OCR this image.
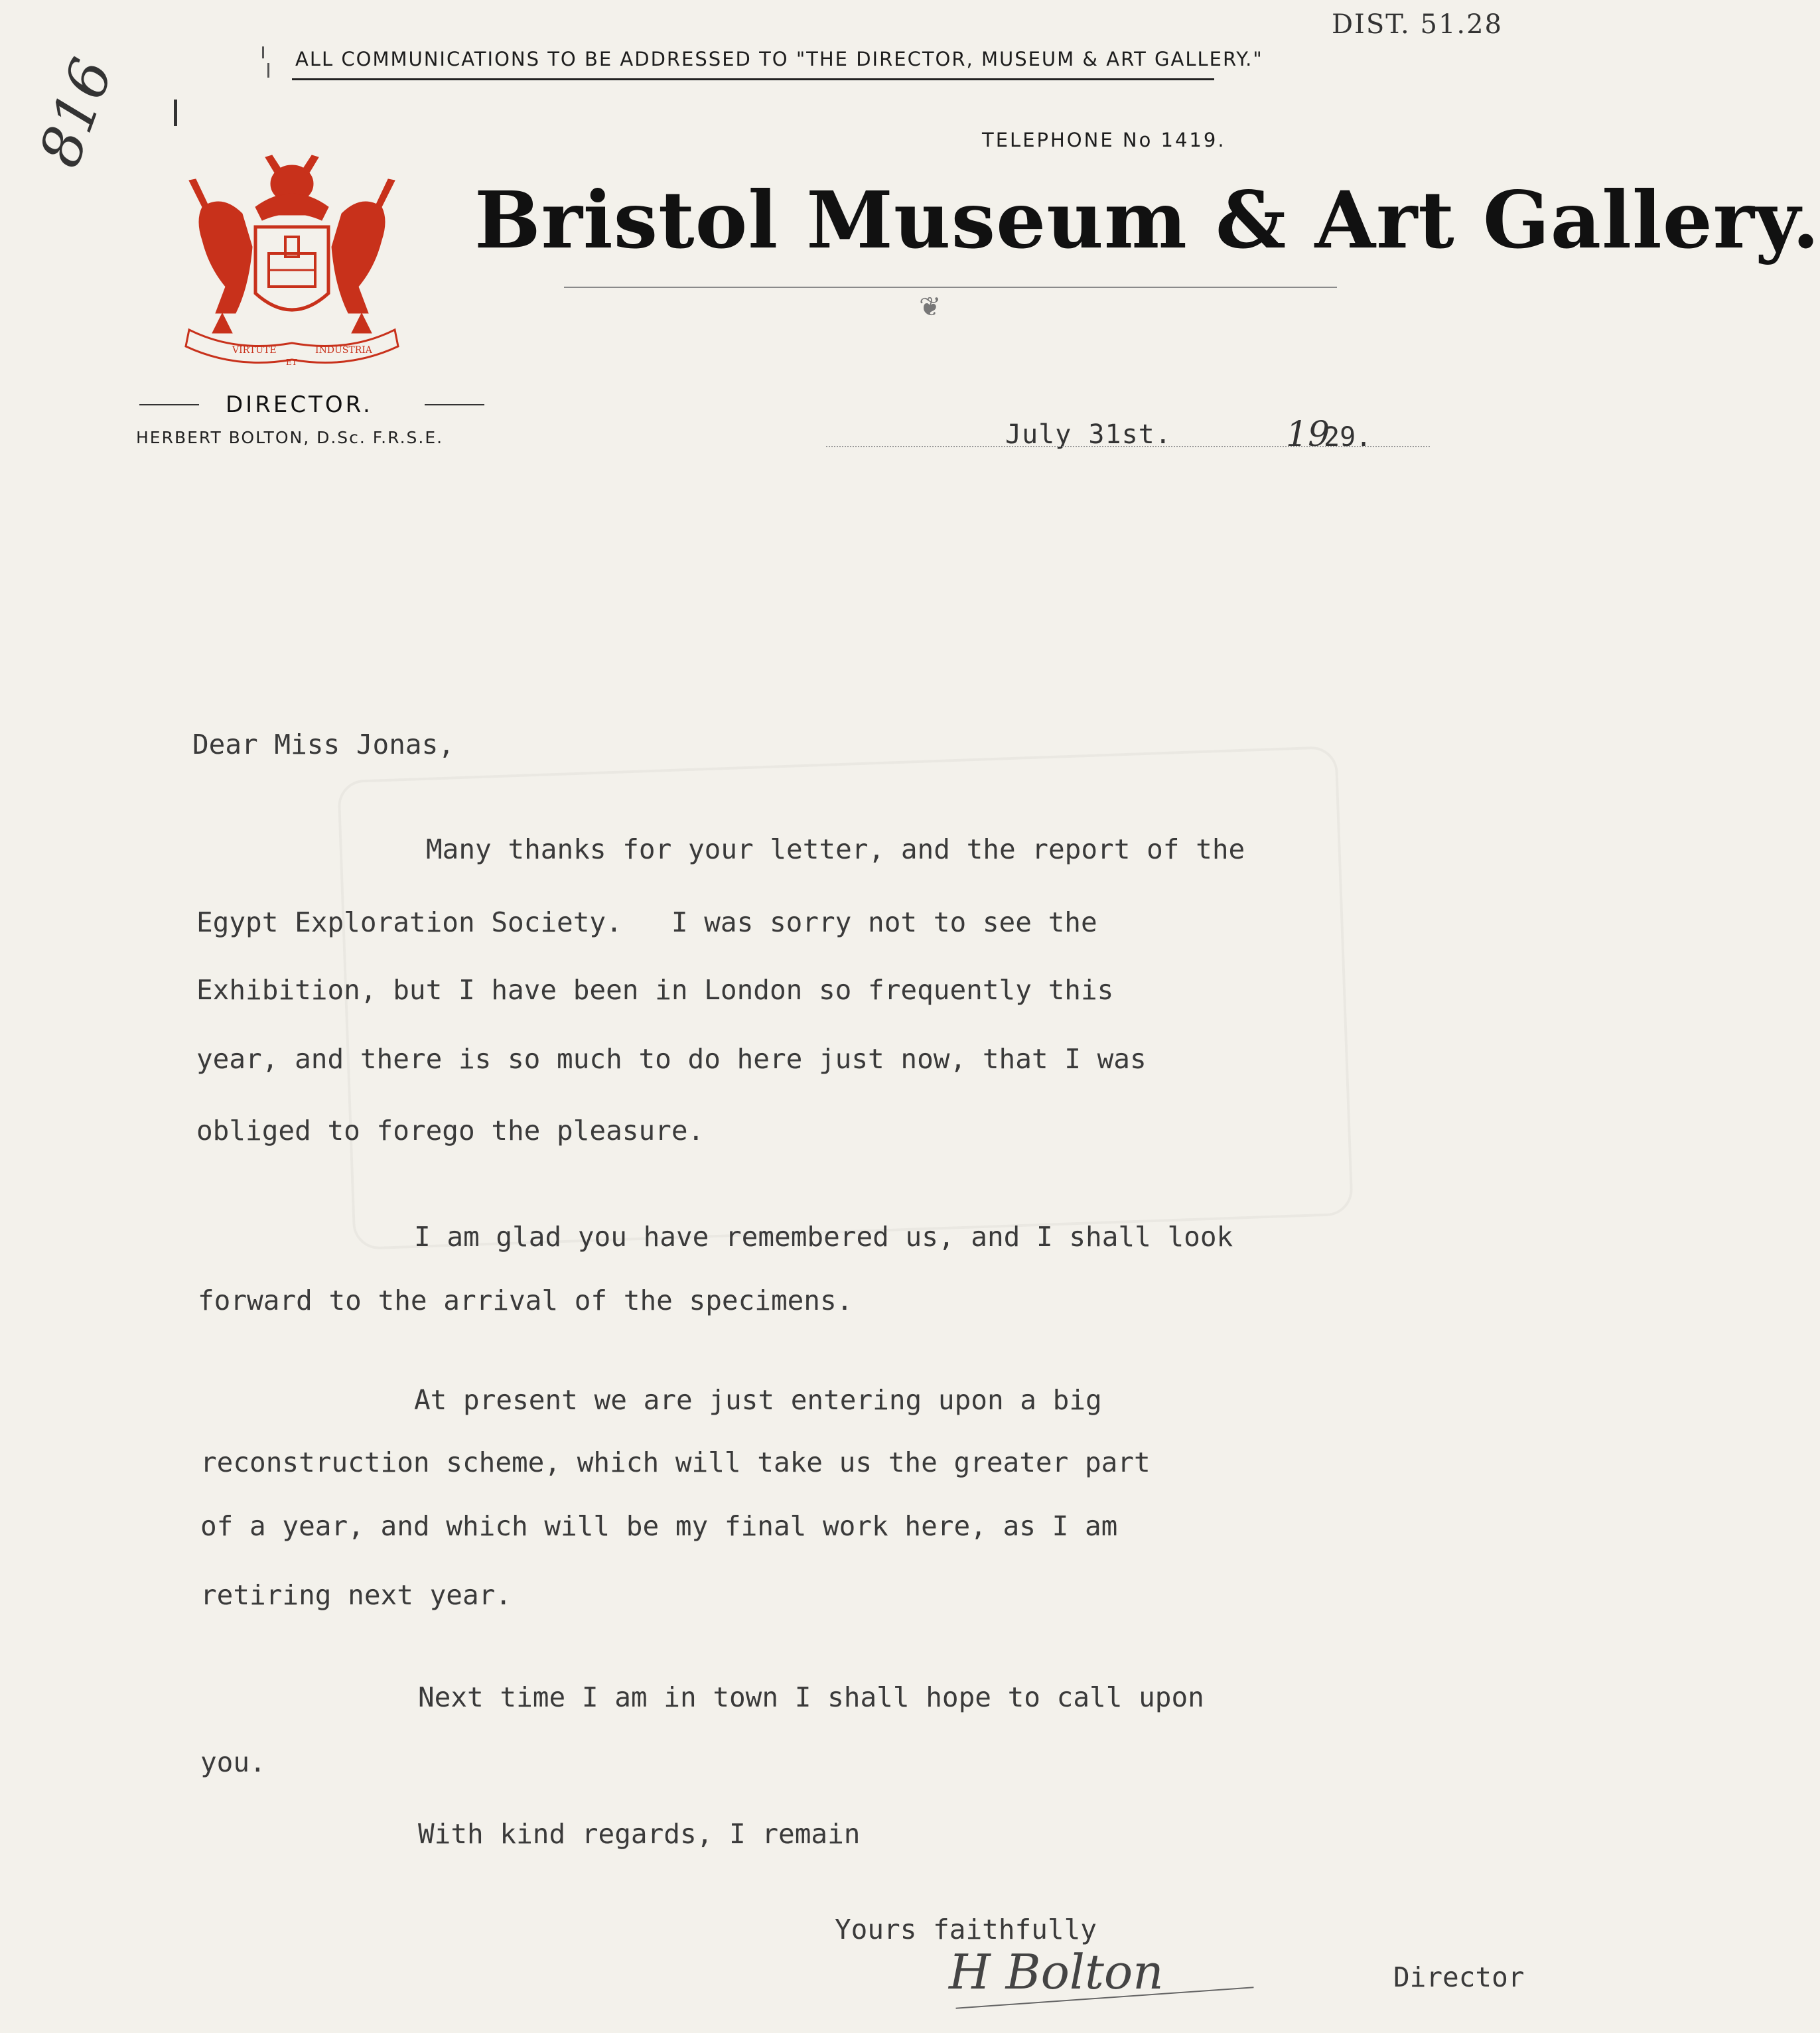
816
DIST. 51.28
ALL COMMUNICATIONS TO BE ADDRESSED TO "THE DIRECTOR, MUSEUM & ART GALLERY."
TELEPHONE No 1419.
VIRTUTE
ET
INDUSTRIA
Bristol Museum & Art Gallery.
❦
DIRECTOR.
HERBERT BOLTON, D.Sc. F.R.S.E.	July 31st.	19
29.
Dear Miss Jonas,
Many thanks for your letter, and the report of the
Egypt Exploration Society.   I was sorry not to see the
Exhibition, but I have been in London so frequently this
year, and there is so much to do here just now, that I was
obliged to forego the pleasure.
I am glad you have remembered us, and I shall look
forward to the arrival of the specimens.
At present we are just entering upon a big
reconstruction scheme, which will take us the greater part
of a year, and which will be my final work here, as I am
retiring next year.
Next time I am in town I shall hope to call upon
you.
With kind regards, I remain
Yours faithfully
H Bolton	Director
